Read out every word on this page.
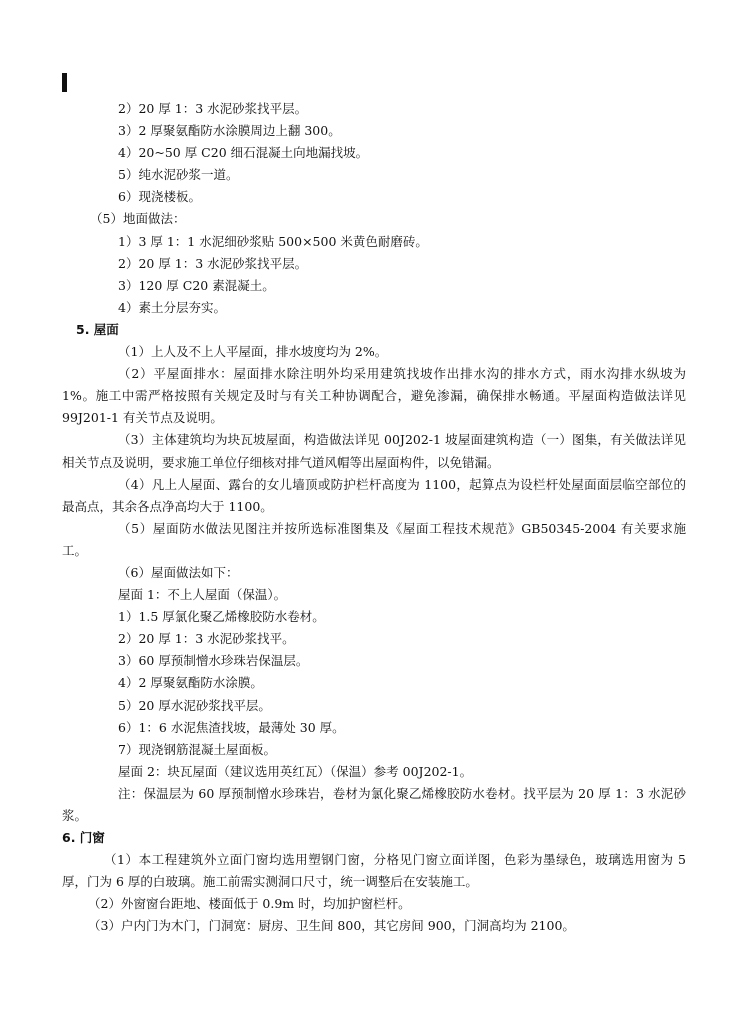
2）20 厚 1：3 水泥砂浆找平层。
3）2 厚聚氨酯防水涂膜周边上翻 300。
4）20~50 厚 C20 细石混凝土向地漏找坡。
5）纯水泥砂浆一道。
6）现浇楼板。
（5）地面做法：
1）3 厚 1：1 水泥细砂浆贴 500×500 米黄色耐磨砖。
2）20 厚 1：3 水泥砂浆找平层。
3）120 厚 C20 素混凝土。
4）素土分层夯实。
5. 屋面
（1）上人及不上人平屋面，排水坡度均为 2%。
（2）平屋面排水：屋面排水除注明外均采用建筑找坡作出排水沟的排水方式，雨水沟排水纵坡为 1%。施工中需严格按照有关规定及时与有关工种协调配合，避免渗漏，确保排水畅通。平屋面构造做法详见 99J201-1 有关节点及说明。
（3）主体建筑均为块瓦坡屋面，构造做法详见 00J202-1 坡屋面建筑构造（一）图集，有关做法详见相关节点及说明，要求施工单位仔细核对排气道风帽等出屋面构件，以免错漏。
（4）凡上人屋面、露台的女儿墙顶或防护栏杆高度为 1100，起算点为设栏杆处屋面面层临空部位的最高点，其余各点净高均大于 1100。
（5）屋面防水做法见图注并按所选标准图集及《屋面工程技术规范》GB50345-2004 有关要求施工。
（6）屋面做法如下：
屋面 1：不上人屋面（保温）。
1）1.5 厚氯化聚乙烯橡胶防水卷材。
2）20 厚 1：3 水泥砂浆找平。
3）60 厚预制憎水珍珠岩保温层。
4）2 厚聚氨酯防水涂膜。
5）20 厚水泥砂浆找平层。
6）1：6 水泥焦渣找坡，最薄处 30 厚。
7）现浇钢筋混凝土屋面板。
屋面 2：块瓦屋面（建议选用英红瓦）（保温）参考 00J202-1。
注：保温层为 60 厚预制憎水珍珠岩，卷材为氯化聚乙烯橡胶防水卷材。找平层为 20 厚 1：3 水泥砂浆。
6. 门窗
（1）本工程建筑外立面门窗均选用塑钢门窗，分格见门窗立面详图，色彩为墨绿色，玻璃选用窗为 5 厚，门为 6 厚的白玻璃。施工前需实测洞口尺寸，统一调整后在安装施工。
（2）外窗窗台距地、楼面低于 0.9m 时，均加护窗栏杆。
（3）户内门为木门，门洞宽：厨房、卫生间 800，其它房间 900，门洞高均为 2100。
